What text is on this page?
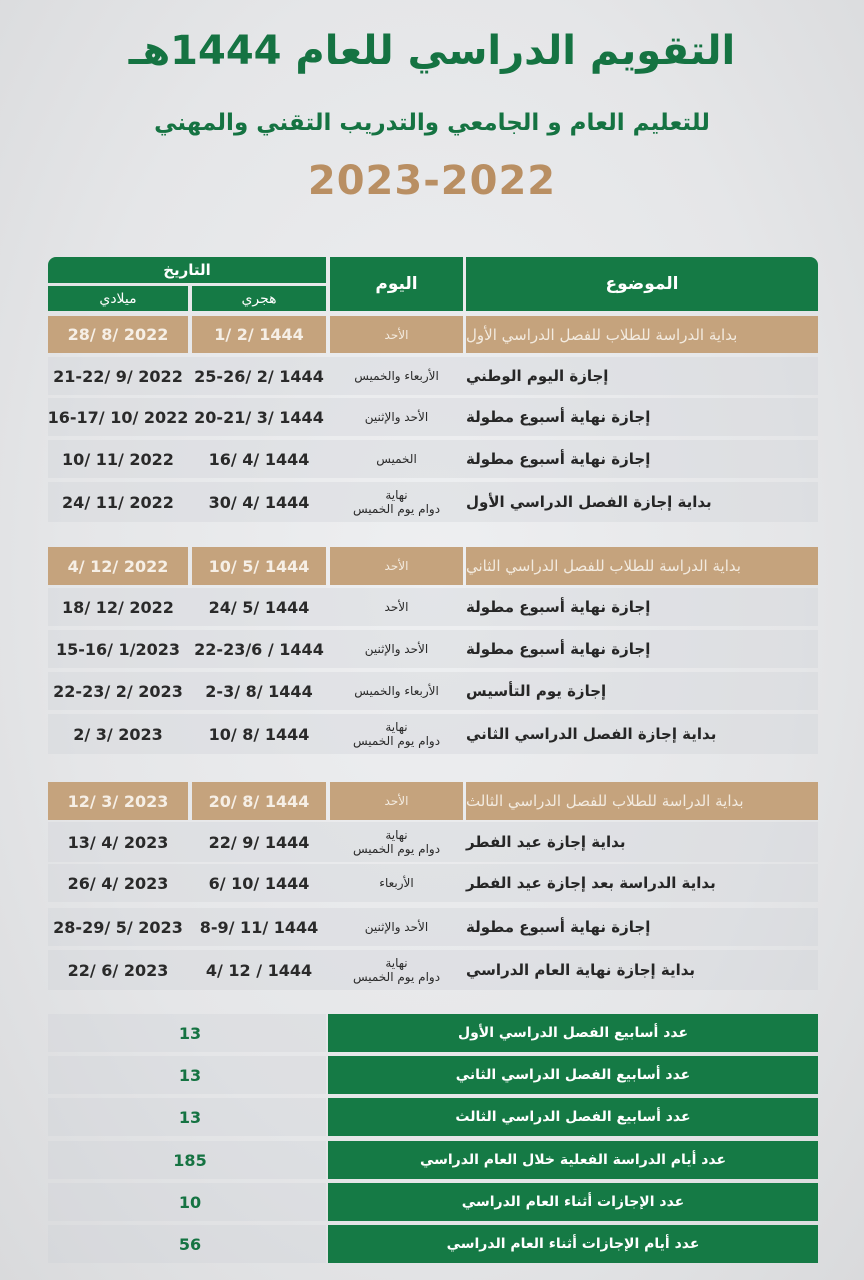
التقويم الدراسي للعام 1444هـ
للتعليم العام و الجامعي والتدريب التقني والمهني
2023-2022
الموضوع
اليوم
التاريخ
هجري
ميلادي
بداية الدراسة للطلاب للفصل الدراسي الأول
الأحد
1/ 2/ 1444
28/ 8/ 2022
إجازة اليوم الوطني
الأربعاء والخميس
25-26/ 2/ 1444
21-22/ 9/ 2022
إجازة نهاية أسبوع مطولة
الأحد والإثنين
20-21/ 3/ 1444
16-17/ 10/ 2022
إجازة نهاية أسبوع مطولة
الخميس
16/ 4/ 1444
10/ 11/ 2022
بداية إجازة الفصل الدراسي الأول
نهاية
دوام يوم الخميس
30/ 4/ 1444
24/ 11/ 2022
بداية الدراسة للطلاب للفصل الدراسي الثاني
الأحد
10/ 5/ 1444
4/ 12/ 2022
إجازة نهاية أسبوع مطولة
الأحد
24/ 5/ 1444
18/ 12/ 2022
إجازة نهاية أسبوع مطولة
الأحد والإثنين
22-23/6 / 1444
15-16/ 1/2023
إجازة يوم التأسيس
الأربعاء والخميس
2-3/ 8/ 1444
22-23/ 2/ 2023
بداية إجازة الفصل الدراسي الثاني
نهاية
دوام يوم الخميس
10/ 8/ 1444
2/ 3/ 2023
بداية الدراسة للطلاب للفصل الدراسي الثالث
الأحد
20/ 8/ 1444
12/ 3/ 2023
بداية إجازة عيد الفطر
نهاية
دوام يوم الخميس
22/ 9/ 1444
13/ 4/ 2023
بداية الدراسة بعد إجازة عيد الفطر
الأربعاء
6/ 10/ 1444
26/ 4/ 2023
إجازة نهاية أسبوع مطولة
الأحد والإثنين
8-9/ 11/ 1444
28-29/ 5/ 2023
بداية إجازة نهاية العام الدراسي
نهاية
دوام يوم الخميس
4/ 12 / 1444
22/ 6/ 2023
عدد أسابيع الفصل الدراسي الأول
13
عدد أسابيع الفصل الدراسي الثاني
13
عدد أسابيع الفصل الدراسي الثالث
13
عدد أيام الدراسة الفعلية خلال العام الدراسي
185
عدد الإجازات أثناء العام الدراسي
10
عدد أيام الإجازات أثناء العام الدراسي
56
